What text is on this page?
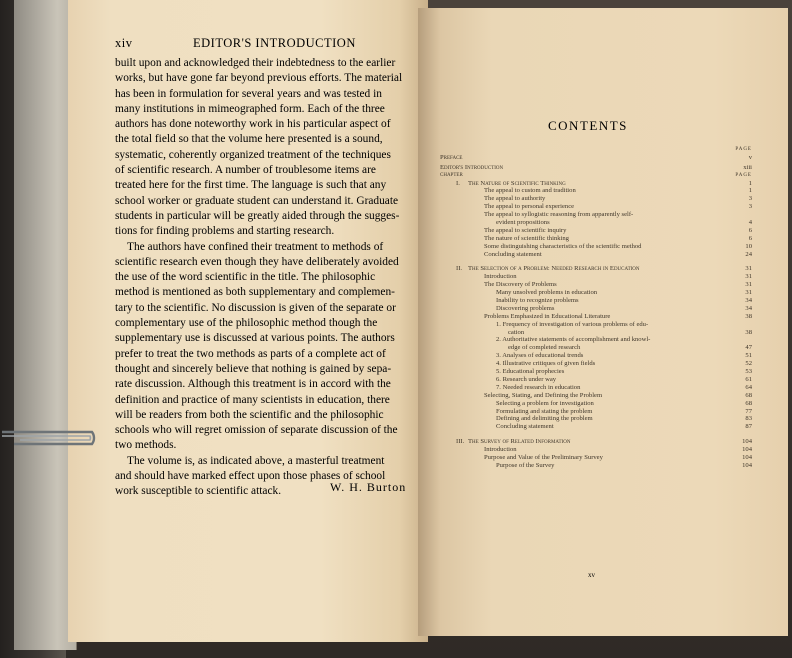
xiv	EDITOR'S INTRODUCTION
built upon and acknowledged their indebtedness to the earlier
works, but have gone far beyond previous efforts. The material
has been in formulation for several years and was tested in
many institutions in mimeographed form. Each of the three
authors has done noteworthy work in his particular aspect of
the total field so that the volume here presented is a sound,
systematic, coherently organized treatment of the techniques
of scientific research. A number of troublesome items are
treated here for the first time. The language is such that any
school worker or graduate student can understand it. Graduate
students in particular will be greatly aided through the sugges-
tions for finding problems and starting research.
The authors have confined their treatment to methods of
scientific research even though they have deliberately avoided
the use of the word scientific in the title. The philosophic
method is mentioned as both supplementary and complemen-
tary to the scientific. No discussion is given of the separate or
complementary use of the philosophic method though the
supplementary use is discussed at various points. The authors
prefer to treat the two methods as parts of a complete act of
thought and sincerely believe that nothing is gained by sepa-
rate discussion. Although this treatment is in accord with the
definition and practice of many scientists in education, there
will be readers from both the scientific and the philosophic
schools who will regret omission of separate discussion of the
two methods.
The volume is, as indicated above, a masterful treatment
and should have marked effect upon those phases of school
work susceptible to scientific attack.	W. H. Burton
CONTENTS
PAGE
Preface	v
Editor's Introduction	xiii
CHAPTER	PAGE
I. The Nature of Scientific Thinking	1
The appeal to custom and tradition	1
The appeal to authority	3
The appeal to personal experience	3
The appeal to syllogistic reasoning from apparently self-
evident propositions	4
The appeal to scientific inquiry	6
The nature of scientific thinking	6
Some distinguishing characteristics of the scientific method	10
Concluding statement	24
II. The Selection of a Problem: Needed Research in Education	31
Introduction	31
The Discovery of Problems	31
Many unsolved problems in education	31
Inability to recognize problems	34
Discovering problems	34
Problems Emphasized in Educational Literature	38
1. Frequency of investigation of various problems of edu-
cation	38
2. Authoritative statements of accomplishment and knowl-
edge of completed research	47
3. Analyses of educational trends	51
4. Illustrative critiques of given fields	52
5. Educational prophecies	53
6. Research under way	61
7. Needed research in education	64
Selecting, Stating, and Defining the Problem	68
Selecting a problem for investigation	68
Formulating and stating the problem	77
Defining and delimiting the problem	83
Concluding statement	87
III. The Survey of Related Information	104
Introduction	104
Purpose and Value of the Preliminary Survey	104
Purpose of the Survey	104
xv
